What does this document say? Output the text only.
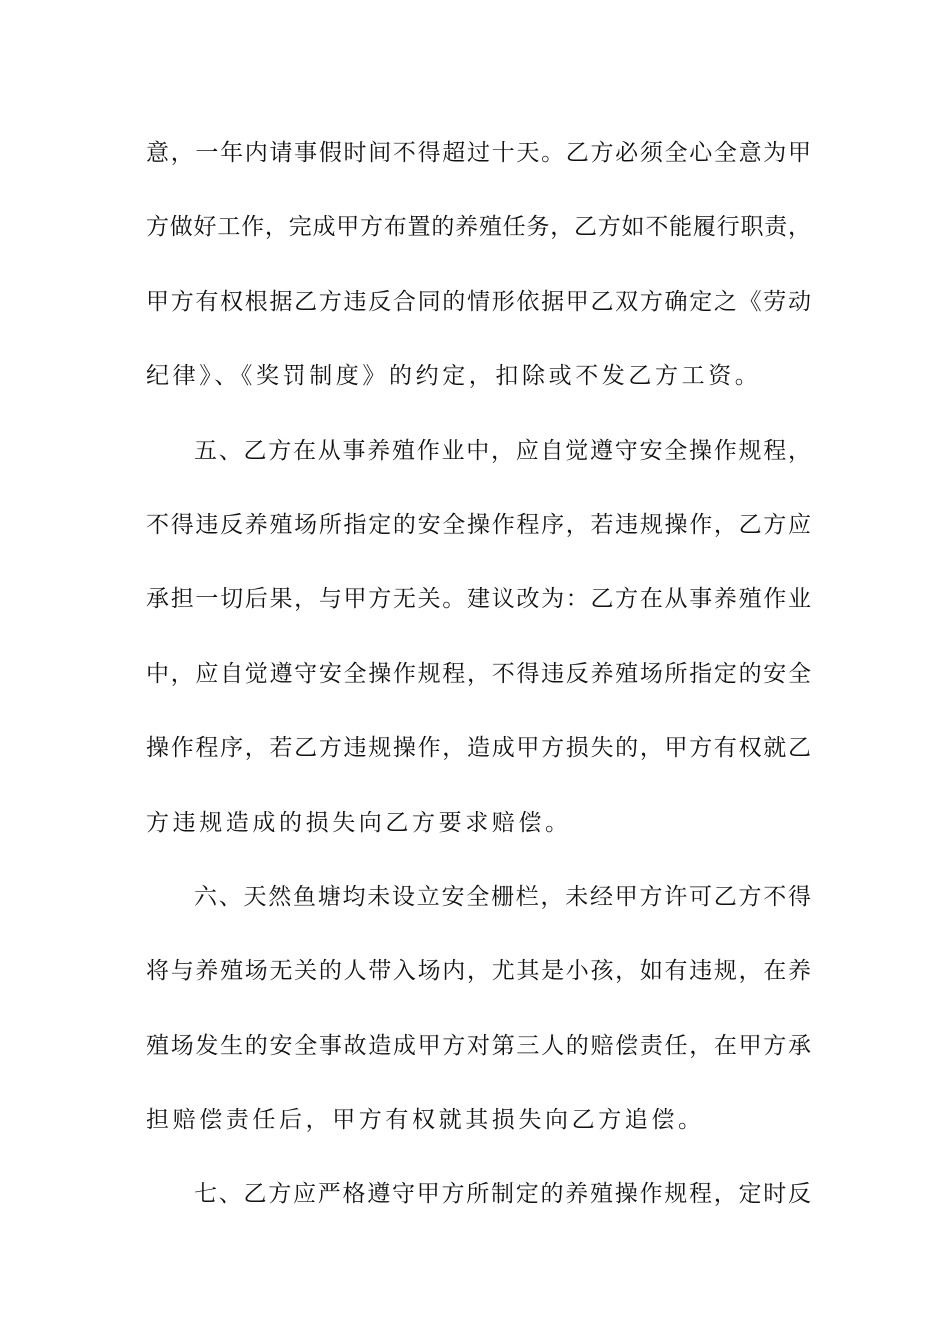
意，一年内请事假时间不得超过十天。乙方必须全心全意为甲
方做好工作，完成甲方布置的养殖任务，乙方如不能履行职责，
甲方有权根据乙方违反合同的情形依据甲乙双方确定之《劳动
纪律》、《奖罚制度》的约定，扣除或不发乙方工资。
五、乙方在从事养殖作业中，应自觉遵守安全操作规程，
不得违反养殖场所指定的安全操作程序，若违规操作，乙方应
承担一切后果，与甲方无关。建议改为：乙方在从事养殖作业
中，应自觉遵守安全操作规程，不得违反养殖场所指定的安全
操作程序，若乙方违规操作，造成甲方损失的，甲方有权就乙
方违规造成的损失向乙方要求赔偿。
六、天然鱼塘均未设立安全栅栏，未经甲方许可乙方不得
将与养殖场无关的人带入场内，尤其是小孩，如有违规，在养
殖场发生的安全事故造成甲方对第三人的赔偿责任，在甲方承
担赔偿责任后，甲方有权就其损失向乙方追偿。
七、乙方应严格遵守甲方所制定的养殖操作规程，定时反
